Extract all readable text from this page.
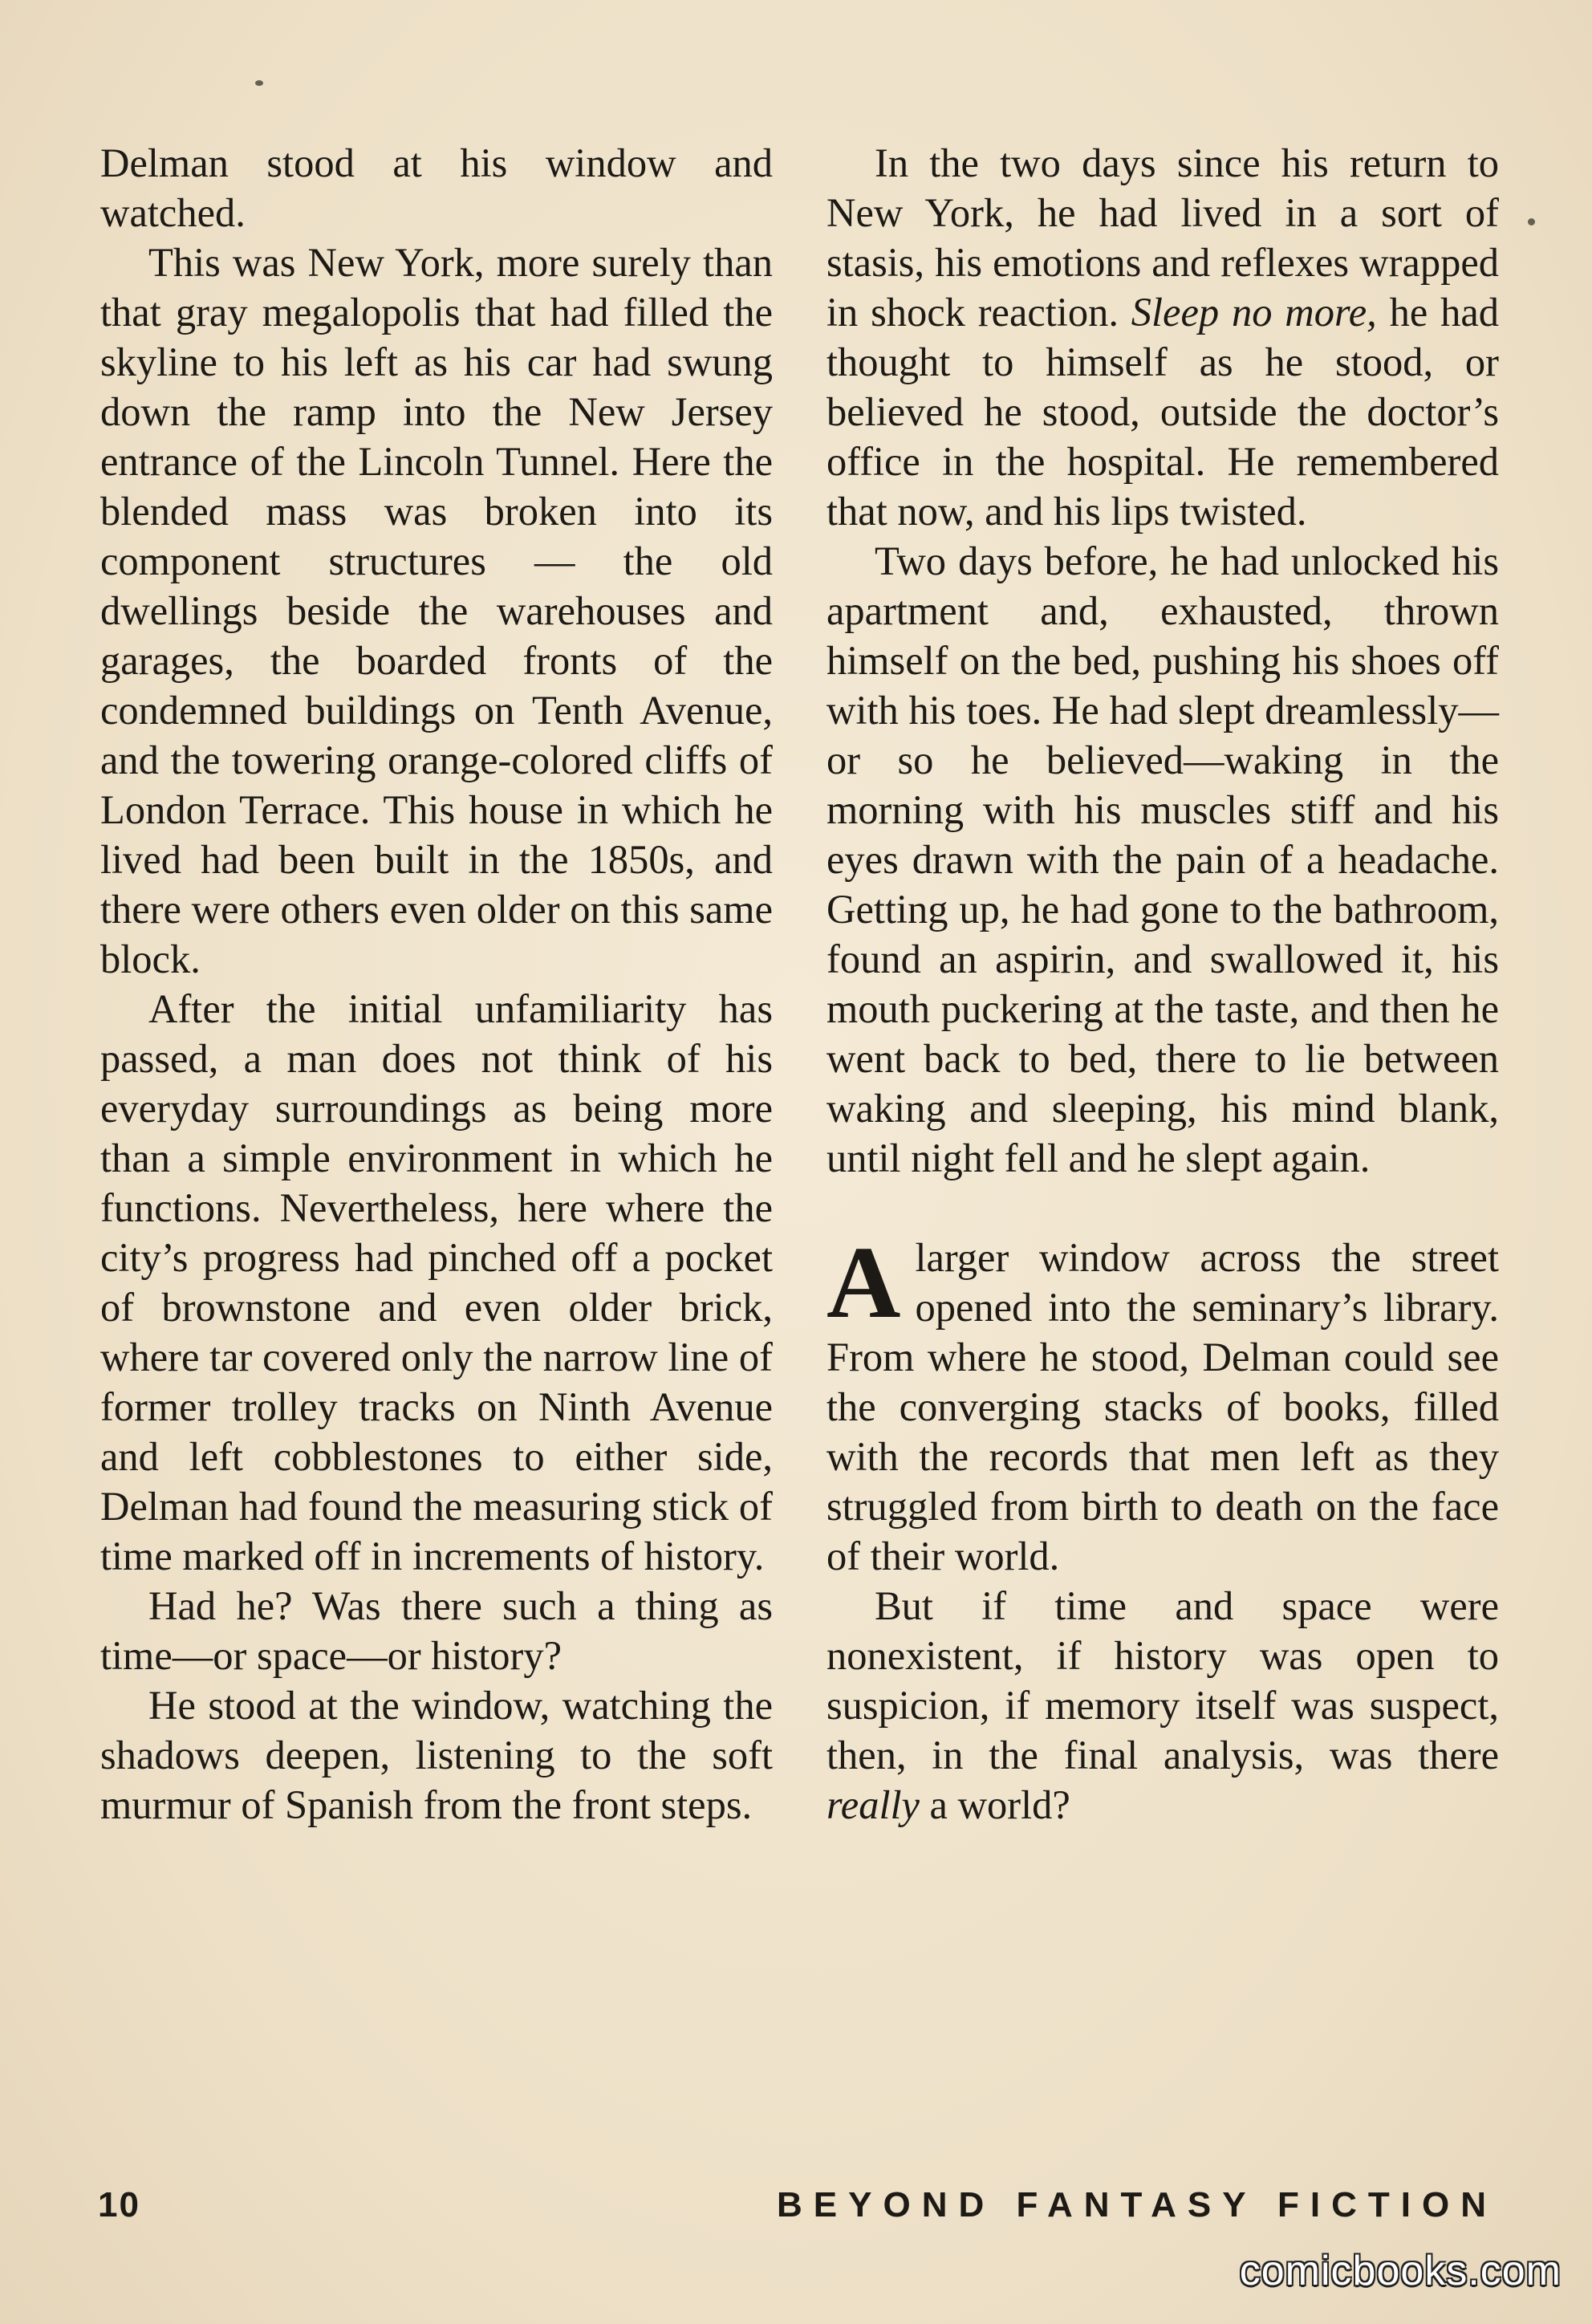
Delman stood at his window and watched.

This was New York, more surely than that gray megalopolis that had filled the skyline to his left as his car had swung down the ramp into the New Jersey entrance of the Lincoln Tunnel. Here the blended mass was broken into its component structures — the old dwellings beside the warehouses and garages, the boarded fronts of the condemned buildings on Tenth Avenue, and the towering orange-colored cliffs of London Terrace. This house in which he lived had been built in the 1850s, and there were others even older on this same block.

After the initial unfamiliarity has passed, a man does not think of his everyday surroundings as being more than a simple environment in which he functions. Nevertheless, here where the city’s progress had pinched off a pocket of brownstone and even older brick, where tar covered only the narrow line of former trolley tracks on Ninth Avenue and left cobblestones to either side, Delman had found the measuring stick of time marked off in increments of history.

Had he? Was there such a thing as time—or space—or history?

He stood at the window, watching the shadows deepen, listening to the soft murmur of Spanish from the front steps.

In the two days since his return to New York, he had lived in a sort of stasis, his emotions and reflexes wrapped in shock reaction. Sleep no more, he had thought to himself as he stood, or believed he stood, outside the doctor’s office in the hospital. He remembered that now, and his lips twisted.

Two days before, he had unlocked his apartment and, exhausted, thrown himself on the bed, pushing his shoes off with his toes. He had slept dreamlessly—or so he believed—waking in the morning with his muscles stiff and his eyes drawn with the pain of a headache. Getting up, he had gone to the bathroom, found an aspirin, and swallowed it, his mouth puckering at the taste, and then he went back to bed, there to lie between waking and sleeping, his mind blank, until night fell and he slept again.

Alarger window across the street opened into the seminary’s library. From where he stood, Delman could see the converging stacks of books, filled with the records that men left as they struggled from birth to death on the face of their world.

But if time and space were nonexistent, if history was open to suspicion, if memory itself was suspect, then, in the final analysis, was there really a world?

10	BEYOND FANTASY FICTION
comicbooks.com
